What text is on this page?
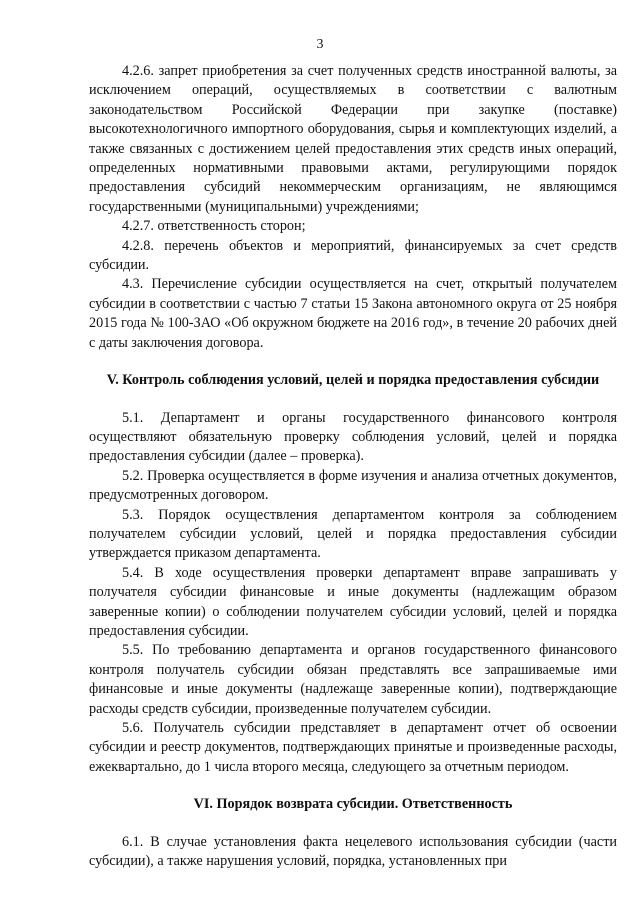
3

4.2.6. запрет приобретения за счет полученных средств иностранной валюты, за исключением операций, осуществляемых в соответствии с валютным законодательством Российской Федерации при закупке (поставке) высокотехнологичного импортного оборудования, сырья и комплектующих изделий, а также связанных с достижением целей предоставления этих средств иных операций, определенных нормативными правовыми актами, регулирующими порядок предоставления субсидий некоммерческим организациям, не являющимся государственными (муниципальными) учреждениями;

4.2.7. ответственность сторон;

4.2.8. перечень объектов и мероприятий, финансируемых за счет средств субсидии.

4.3. Перечисление субсидии осуществляется на счет, открытый получателем субсидии в соответствии с частью 7 статьи 15 Закона автономного округа от 25 ноября 2015 года № 100-ЗАО «Об окружном бюджете на 2016 год», в течение 20 рабочих дней с даты заключения договора.

V. Контроль соблюдения условий, целей и порядка предоставления субсидии

5.1. Департамент и органы государственного финансового контроля осуществляют обязательную проверку соблюдения условий, целей и порядка предоставления субсидии (далее – проверка).

5.2. Проверка осуществляется в форме изучения и анализа отчетных документов, предусмотренных договором.

5.3. Порядок осуществления департаментом контроля за соблюдением получателем субсидии условий, целей и порядка предоставления субсидии утверждается приказом департамента.

5.4. В ходе осуществления проверки департамент вправе запрашивать у получателя субсидии финансовые и иные документы (надлежащим образом заверенные копии) о соблюдении получателем субсидии условий, целей и порядка предоставления субсидии.

5.5. По требованию департамента и органов государственного финансового контроля получатель субсидии обязан представлять все запрашиваемые ими финансовые и иные документы (надлежаще заверенные копии), подтверждающие расходы средств субсидии, произведенные получателем субсидии.

5.6. Получатель субсидии представляет в департамент отчет об освоении субсидии и реестр документов, подтверждающих принятые и произведенные расходы, ежеквартально, до 1 числа второго месяца, следующего за отчетным периодом.

VI. Порядок возврата субсидии. Ответственность

6.1. В случае установления факта нецелевого использования субсидии (части субсидии), а также нарушения условий, порядка, установленных при
